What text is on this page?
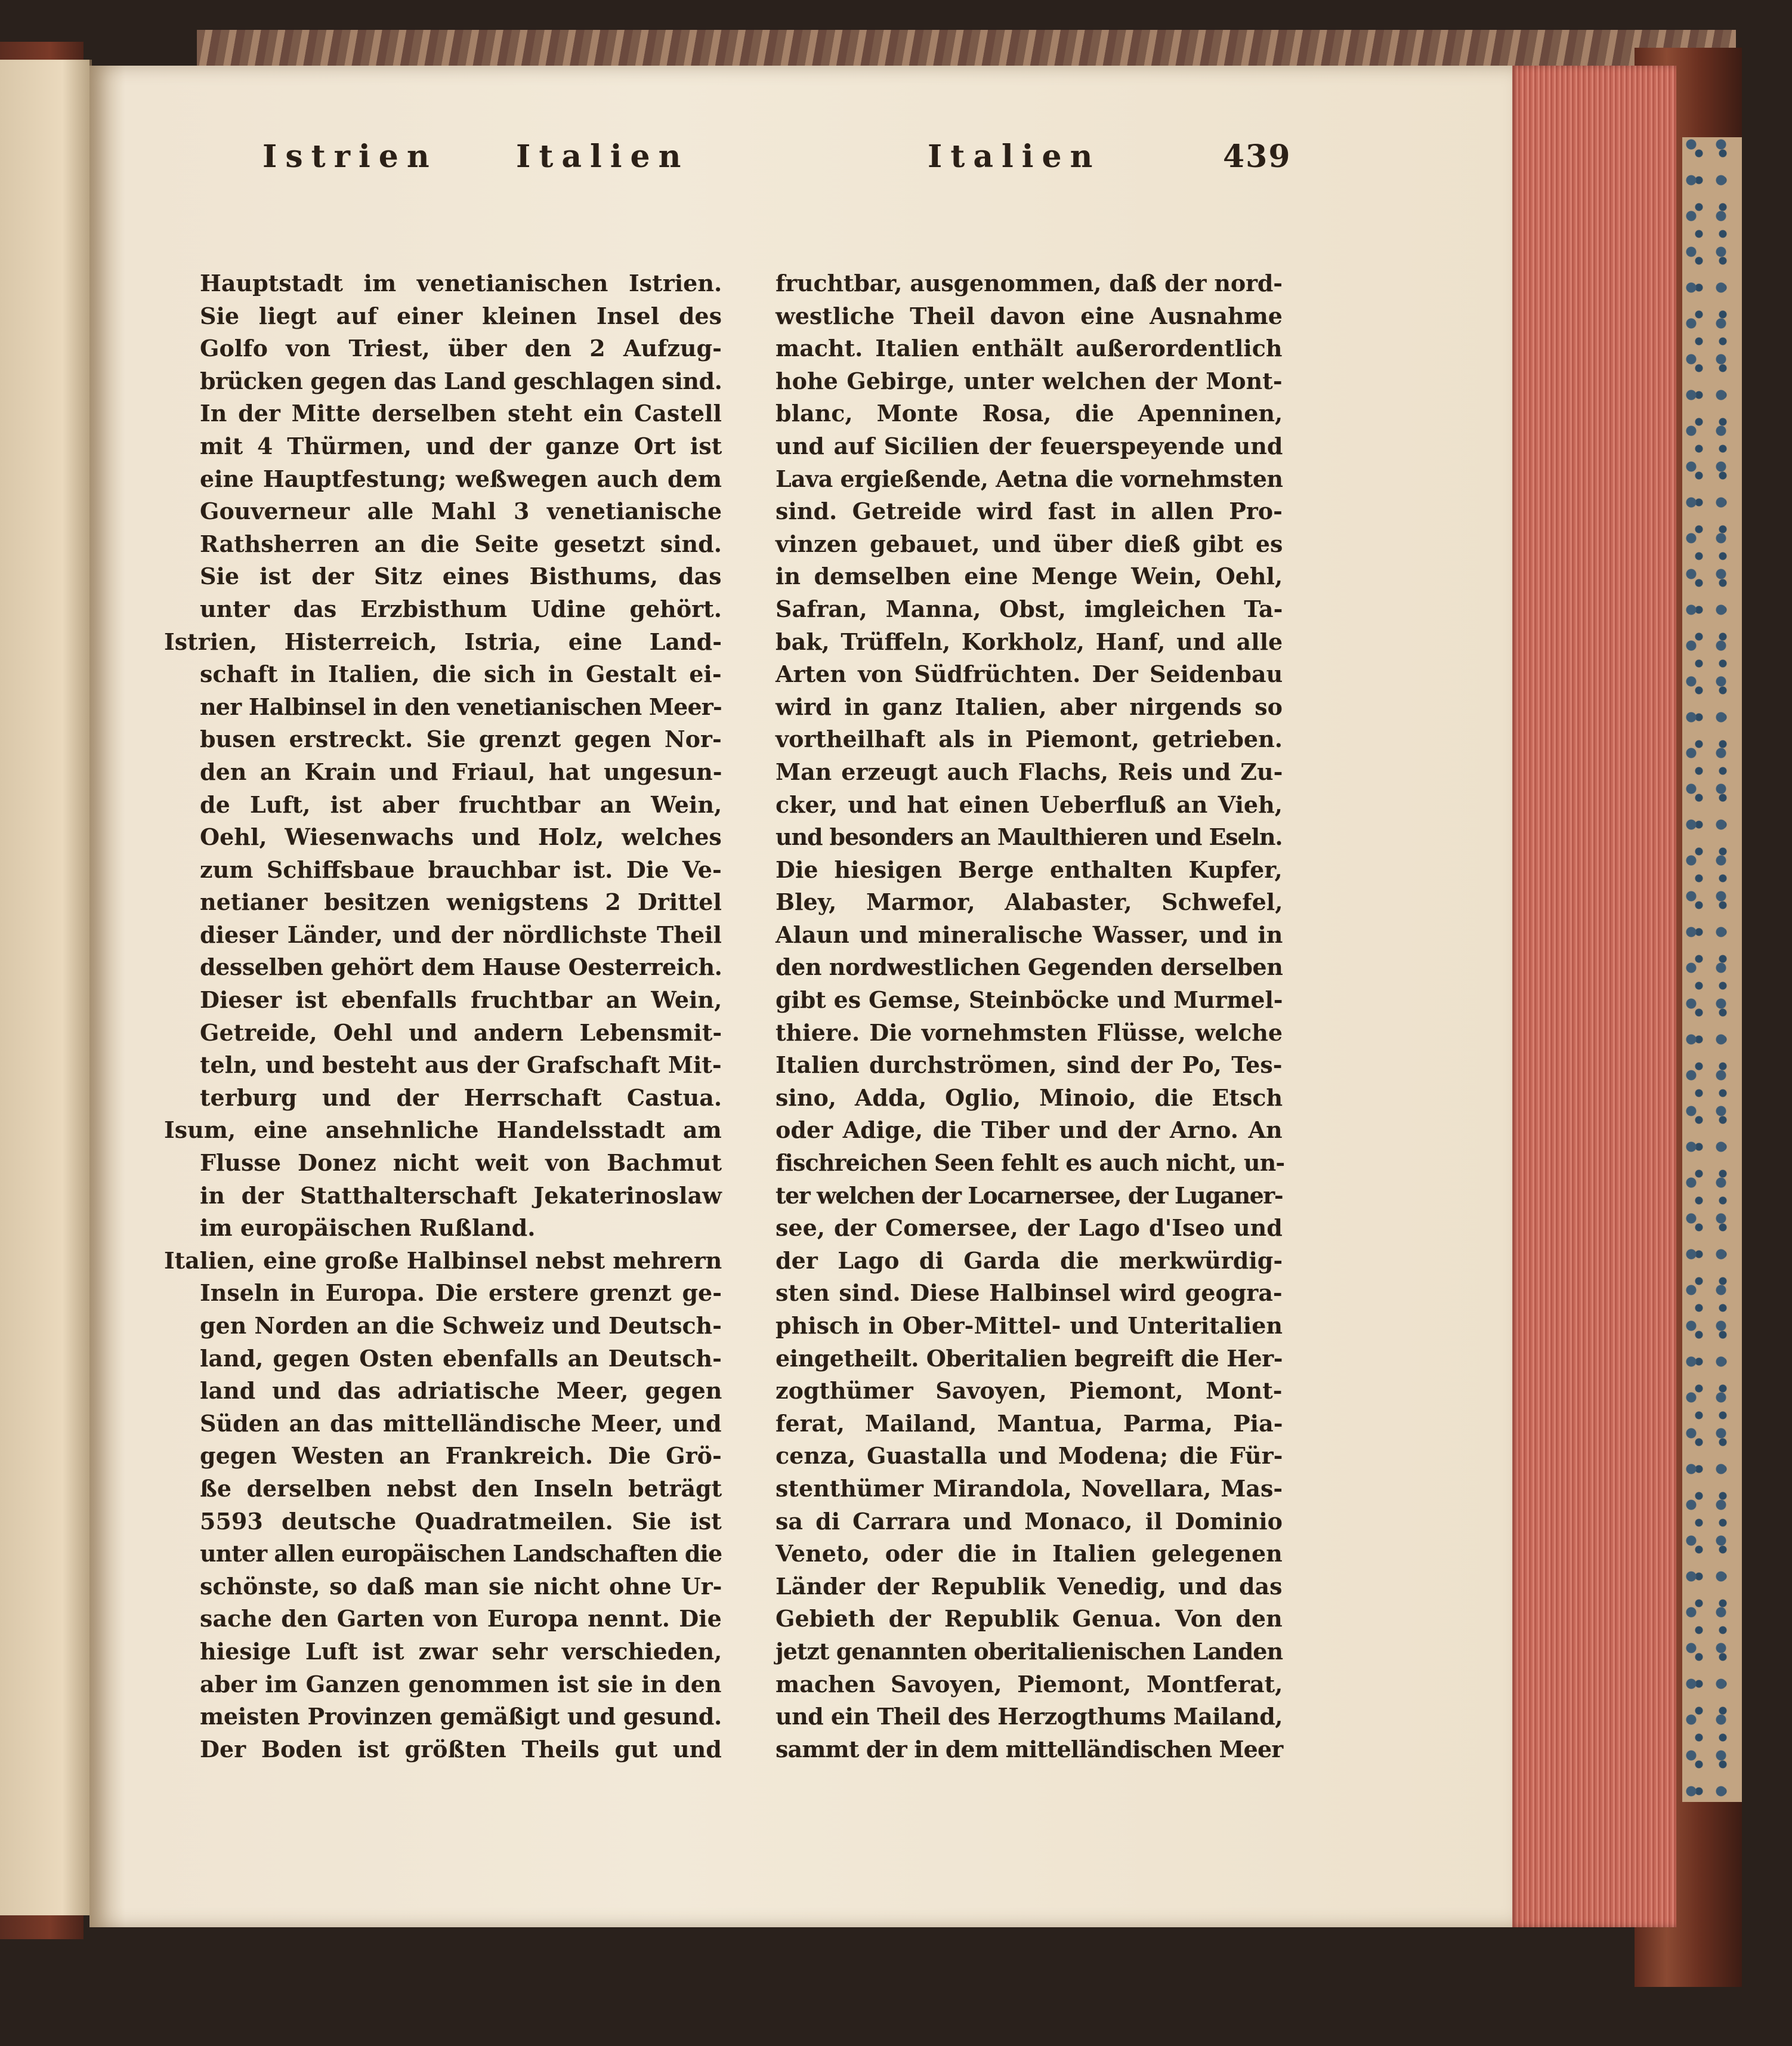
Istrien	Italien	Italien	439
Hauptstadt im venetianischen Istrien.
Sie liegt auf einer kleinen Insel des
Golfo von Triest, über den 2 Aufzug-
brücken gegen das Land geschlagen sind.
In der Mitte derselben steht ein Castell
mit 4 Thürmen, und der ganze Ort ist
eine Hauptfestung; weßwegen auch dem
Gouverneur alle Mahl 3 venetianische
Rathsherren an die Seite gesetzt sind.
Sie ist der Sitz eines Bisthums, das
unter das Erzbisthum Udine gehört.
Istrien, Histerreich, Istria, eine Land-
schaft in Italien, die sich in Gestalt ei-
ner Halbinsel in den venetianischen Meer-
busen erstreckt. Sie grenzt gegen Nor-
den an Krain und Friaul, hat ungesun-
de Luft, ist aber fruchtbar an Wein,
Oehl, Wiesenwachs und Holz, welches
zum Schiffsbaue brauchbar ist. Die Ve-
netianer besitzen wenigstens 2 Drittel
dieser Länder, und der nördlichste Theil
desselben gehört dem Hause Oesterreich.
Dieser ist ebenfalls fruchtbar an Wein,
Getreide, Oehl und andern Lebensmit-
teln, und besteht aus der Grafschaft Mit-
terburg und der Herrschaft Castua.
Isum, eine ansehnliche Handelsstadt am
Flusse Donez nicht weit von Bachmut
in der Statthalterschaft Jekaterinoslaw
im europäischen Rußland.
Italien, eine große Halbinsel nebst mehrern
Inseln in Europa. Die erstere grenzt ge-
gen Norden an die Schweiz und Deutsch-
land, gegen Osten ebenfalls an Deutsch-
land und das adriatische Meer, gegen
Süden an das mittelländische Meer, und
gegen Westen an Frankreich. Die Grö-
ße derselben nebst den Inseln beträgt
5593 deutsche Quadratmeilen. Sie ist
unter allen europäischen Landschaften die
schönste, so daß man sie nicht ohne Ur-
sache den Garten von Europa nennt. Die
hiesige Luft ist zwar sehr verschieden,
aber im Ganzen genommen ist sie in den
meisten Provinzen gemäßigt und gesund.
Der Boden ist größten Theils gut und
fruchtbar, ausgenommen, daß der nord-
westliche Theil davon eine Ausnahme
macht. Italien enthält außerordentlich
hohe Gebirge, unter welchen der Mont-
blanc, Monte Rosa, die Apenninen,
und auf Sicilien der feuerspeyende und
Lava ergießende, Aetna die vornehmsten
sind. Getreide wird fast in allen Pro-
vinzen gebauet, und über dieß gibt es
in demselben eine Menge Wein, Oehl,
Safran, Manna, Obst, imgleichen Ta-
bak, Trüffeln, Korkholz, Hanf, und alle
Arten von Südfrüchten. Der Seidenbau
wird in ganz Italien, aber nirgends so
vortheilhaft als in Piemont, getrieben.
Man erzeugt auch Flachs, Reis und Zu-
cker, und hat einen Ueberfluß an Vieh,
und besonders an Maulthieren und Eseln.
Die hiesigen Berge enthalten Kupfer,
Bley, Marmor, Alabaster, Schwefel,
Alaun und mineralische Wasser, und in
den nordwestlichen Gegenden derselben
gibt es Gemse, Steinböcke und Murmel-
thiere. Die vornehmsten Flüsse, welche
Italien durchströmen, sind der Po, Tes-
sino, Adda, Oglio, Minoio, die Etsch
oder Adige, die Tiber und der Arno. An
fischreichen Seen fehlt es auch nicht, un-
ter welchen der Locarnersee, der Luganer-
see, der Comersee, der Lago d'Iseo und
der Lago di Garda die merkwürdig-
sten sind. Diese Halbinsel wird geogra-
phisch in Ober-Mittel- und Unteritalien
eingetheilt. Oberitalien begreift die Her-
zogthümer Savoyen, Piemont, Mont-
ferat, Mailand, Mantua, Parma, Pia-
cenza, Guastalla und Modena; die Für-
stenthümer Mirandola, Novellara, Mas-
sa di Carrara und Monaco, il Dominio
Veneto, oder die in Italien gelegenen
Länder der Republik Venedig, und das
Gebieth der Republik Genua. Von den
jetzt genannten oberitalienischen Landen
machen Savoyen, Piemont, Montferat,
und ein Theil des Herzogthums Mailand,
sammt der in dem mittelländischen Meer
